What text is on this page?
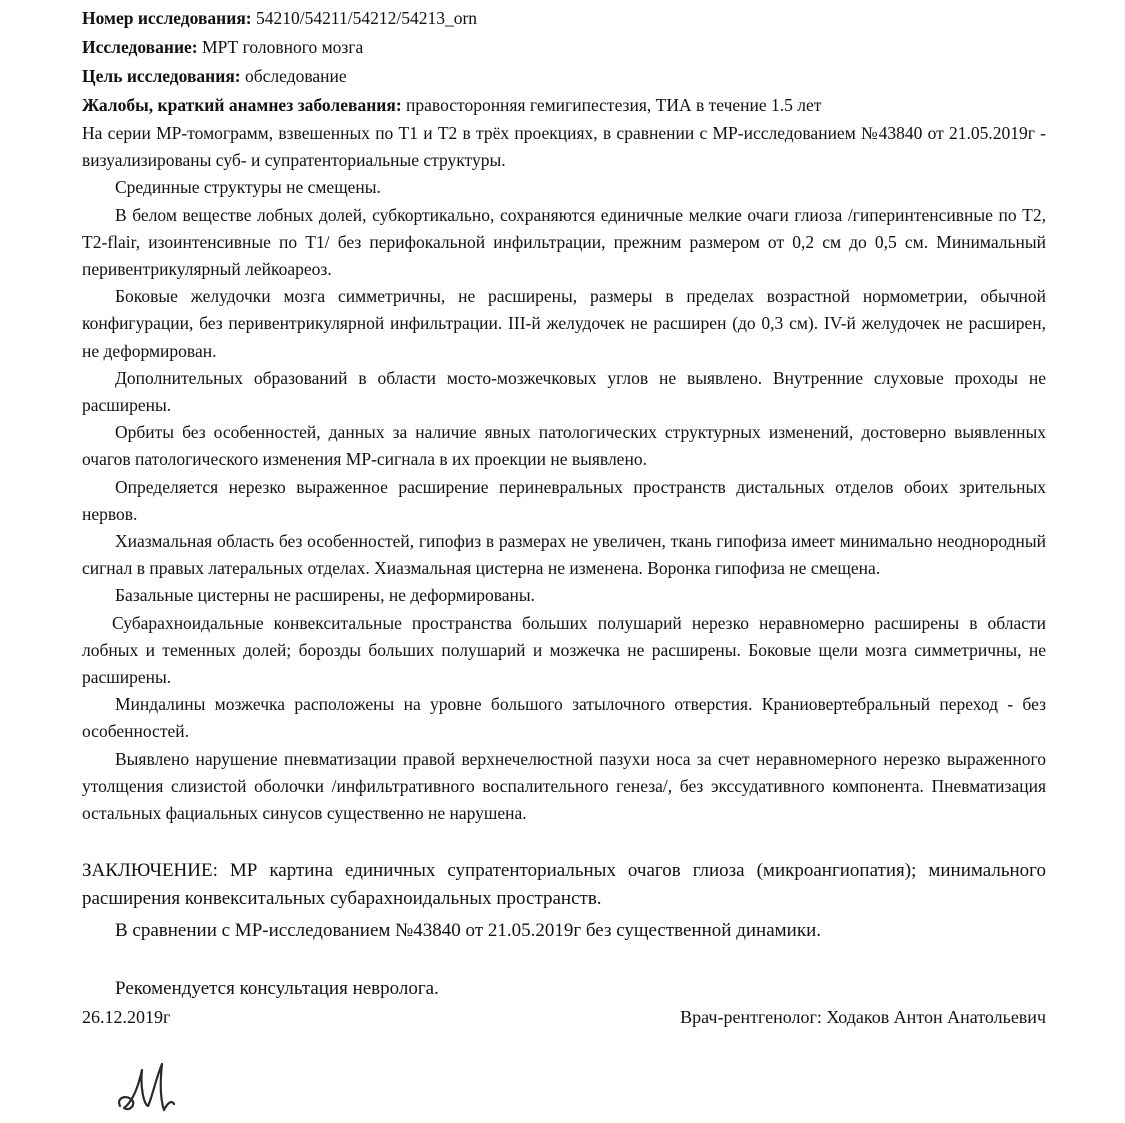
Номер исследования: 54210/54211/54212/54213_orn
Исследование: МРТ головного мозга
Цель исследования: обследование
Жалобы, краткий анамнез заболевания: правосторонняя гемигипестезия, ТИА в течение 1.5 лет

На серии МР-томограмм, взвешенных по Т1 и Т2 в трёх проекциях, в сравнении с МР-исследованием №43840 от 21.05.2019г - визуализированы суб- и супратенториальные структуры.

Срединные структуры не смещены.

В белом веществе лобных долей, субкортикально, сохраняются единичные мелкие очаги глиоза /гиперинтенсивные по Т2, T2-flair, изоинтенсивные по Т1/ без перифокальной инфильтрации, прежним размером от 0,2 см до 0,5 см. Минимальный перивентрикулярный лейкоареоз.

Боковые желудочки мозга симметричны, не расширены, размеры в пределах возрастной нормометрии, обычной конфигурации, без перивентрикулярной инфильтрации. III-й желудочек не расширен (до 0,3 см). IV-й желудочек не расширен, не деформирован.

Дополнительных образований в области мосто-мозжечковых углов не выявлено. Внутренние слуховые проходы не расширены.

Орбиты без особенностей, данных за наличие явных патологических структурных изменений, достоверно выявленных очагов патологического изменения МР-сигнала в их проекции не выявлено.

Определяется нерезко выраженное расширение периневральных пространств дистальных отделов обоих зрительных нервов.

Хиазмальная область без особенностей, гипофиз в размерах не увеличен, ткань гипофиза имеет минимально неоднородный сигнал в правых латеральных отделах. Хиазмальная цистерна не изменена. Воронка гипофиза не смещена.

Базальные цистерны не расширены, не деформированы.

Субарахноидальные конвекситальные пространства больших полушарий нерезко неравномерно расширены в области лобных и теменных долей; борозды больших полушарий и мозжечка не расширены. Боковые щели мозга симметричны, не расширены.

Миндалины мозжечка расположены на уровне большого затылочного отверстия. Краниовертебральный переход - без особенностей.

Выявлено нарушение пневматизации правой верхнечелюстной пазухи носа за счет неравномерного нерезко выраженного утолщения слизистой оболочки /инфильтративного воспалительного генеза/, без экссудативного компонента. Пневматизация остальных фациальных синусов существенно не нарушена.

ЗАКЛЮЧЕНИЕ: МР картина единичных супратенториальных очагов глиоза (микроангиопатия); минимального расширения конвекситальных субарахноидальных пространств.

В сравнении с МР-исследованием №43840 от 21.05.2019г без существенной динамики.

Рекомендуется консультация невролога.

26.12.2019г	Врач-рентгенолог: Ходаков Антон Анатольевич
